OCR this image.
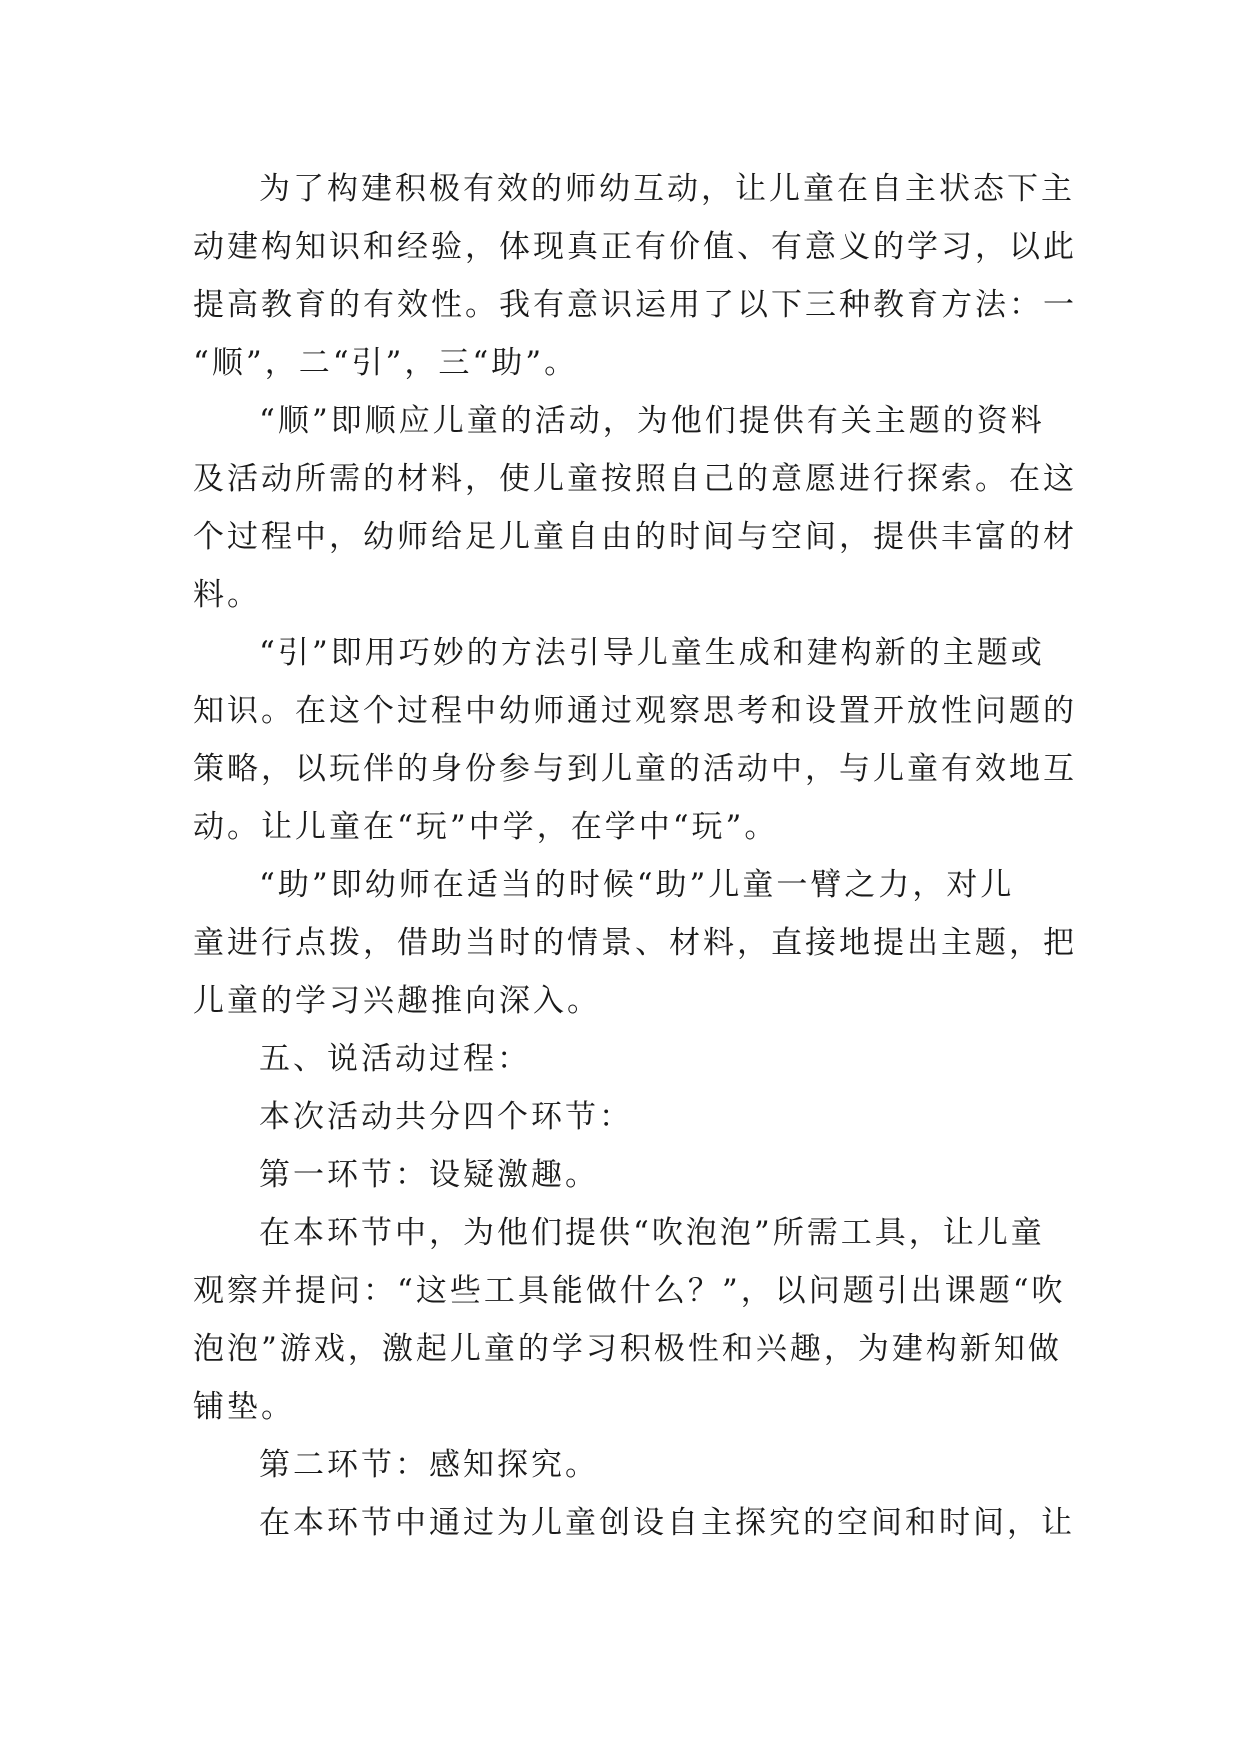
为了构建积极有效的师幼互动，让儿童在自主状态下主
动建构知识和经验，体现真正有价值、有意义的学习，以此
提高教育的有效性。我有意识运用了以下三种教育方法：一
“顺”，二“引”，三“助”。
“顺”即顺应儿童的活动，为他们提供有关主题的资料
及活动所需的材料，使儿童按照自己的意愿进行探索。在这
个过程中，幼师给足儿童自由的时间与空间，提供丰富的材
料。
“引”即用巧妙的方法引导儿童生成和建构新的主题或
知识。在这个过程中幼师通过观察思考和设置开放性问题的
策略，以玩伴的身份参与到儿童的活动中，与儿童有效地互
动。让儿童在“玩”中学，在学中“玩”。
“助”即幼师在适当的时候“助”儿童一臂之力，对儿
童进行点拨，借助当时的情景、材料，直接地提出主题，把
儿童的学习兴趣推向深入。
五、说活动过程：
本次活动共分四个环节：
第一环节：设疑激趣。
在本环节中，为他们提供“吹泡泡”所需工具，让儿童
观察并提问：“这些工具能做什么？”，以问题引出课题“吹
泡泡”游戏，激起儿童的学习积极性和兴趣，为建构新知做
铺垫。
第二环节：感知探究。
在本环节中通过为儿童创设自主探究的空间和时间，让
